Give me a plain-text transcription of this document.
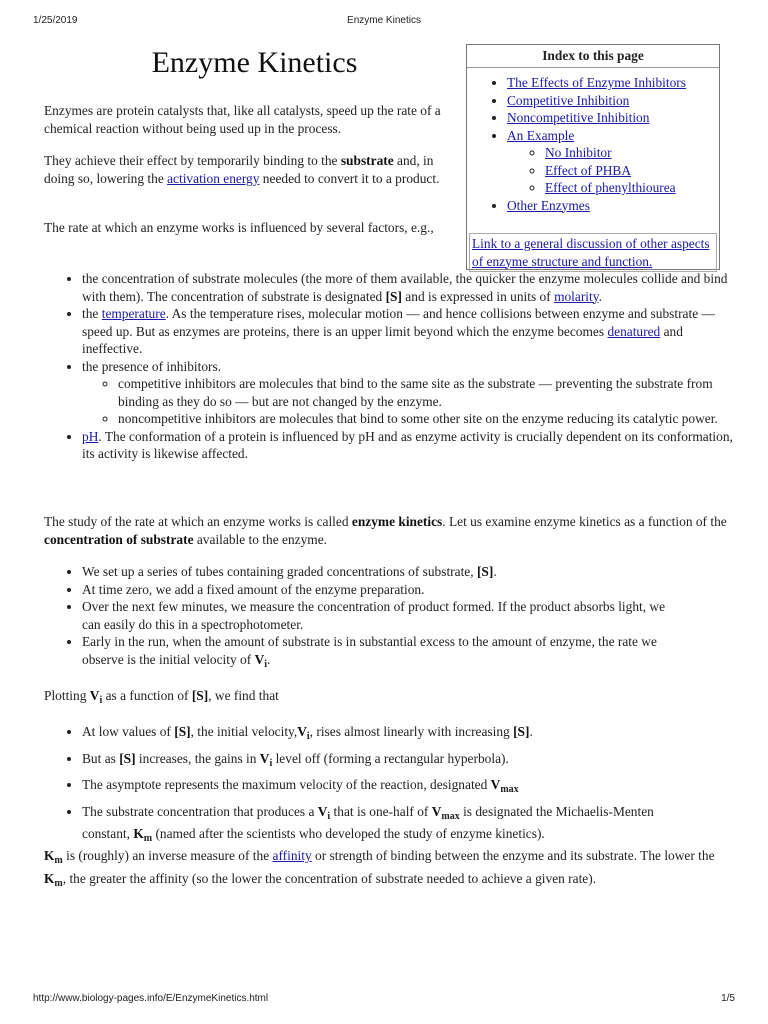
1/25/2019	Enzyme Kinetics
Enzyme Kinetics	Index to this page
• The Effects of Enzyme Inhibitors
• Competitive Inhibition
• Noncompetitive Inhibition
• An Example
◦ No Inhibitor
◦ Effect of PHBA
◦ Effect of phenylthiourea
• Other Enzymes
Link to a general discussion of other aspects of enzyme structure and function.

Enzymes are protein catalysts that, like all catalysts, speed up the rate of a chemical reaction without being used up in the process.

They achieve their effect by temporarily binding to the substrate and, in doing so, lowering the activation energy needed to convert it to a product.

The rate at which an enzyme works is influenced by several factors, e.g.,

• the concentration of substrate molecules (the more of them available, the quicker the enzyme molecules collide and bind with them). The concentration of substrate is designated [S] and is expressed in units of molarity.
• the temperature. As the temperature rises, molecular motion — and hence collisions between enzyme and substrate — speed up. But as enzymes are proteins, there is an upper limit beyond which the enzyme becomes denatured and ineffective.
• the presence of inhibitors.
◦ competitive inhibitors are molecules that bind to the same site as the substrate — preventing the substrate from binding as they do so — but are not changed by the enzyme.
◦ noncompetitive inhibitors are molecules that bind to some other site on the enzyme reducing its catalytic power.
• pH. The conformation of a protein is influenced by pH and as enzyme activity is crucially dependent on its conformation, its activity is likewise affected.

The study of the rate at which an enzyme works is called enzyme kinetics. Let us examine enzyme kinetics as a function of the concentration of substrate available to the enzyme.

• We set up a series of tubes containing graded concentrations of substrate, [S].
• At time zero, we add a fixed amount of the enzyme preparation.
• Over the next few minutes, we measure the concentration of product formed. If the product absorbs light, we can easily do this in a spectrophotometer.
• Early in the run, when the amount of substrate is in substantial excess to the amount of enzyme, the rate we observe is the initial velocity of $V_i$.

Plotting $V_i$ as a function of [S], we find that

• At low values of [S], the initial $velocity,V_i$, rises almost linearly with increasing [S].
• But as [S] increases, the gains in $V_i$ level off (forming a rectangular hyperbola).
• The asymptote represents the maximum velocity of the reaction, designated $V_{max}$
• The substrate concentration that produces a $V_i$ that is one-half of $V_{max}$ is designated the Michaelis-Menten constant, $K_m$ (named after the scientists who developed the study of enzyme kinetics).

$K_m$ is (roughly) an inverse measure of the affinity or strength of binding between the enzyme and its substrate. The lower the $K_m$, the greater the affinity (so the lower the concentration of substrate needed to achieve a given rate).

http://www.biology-pages.info/E/EnzymeKinetics.html	1/5
